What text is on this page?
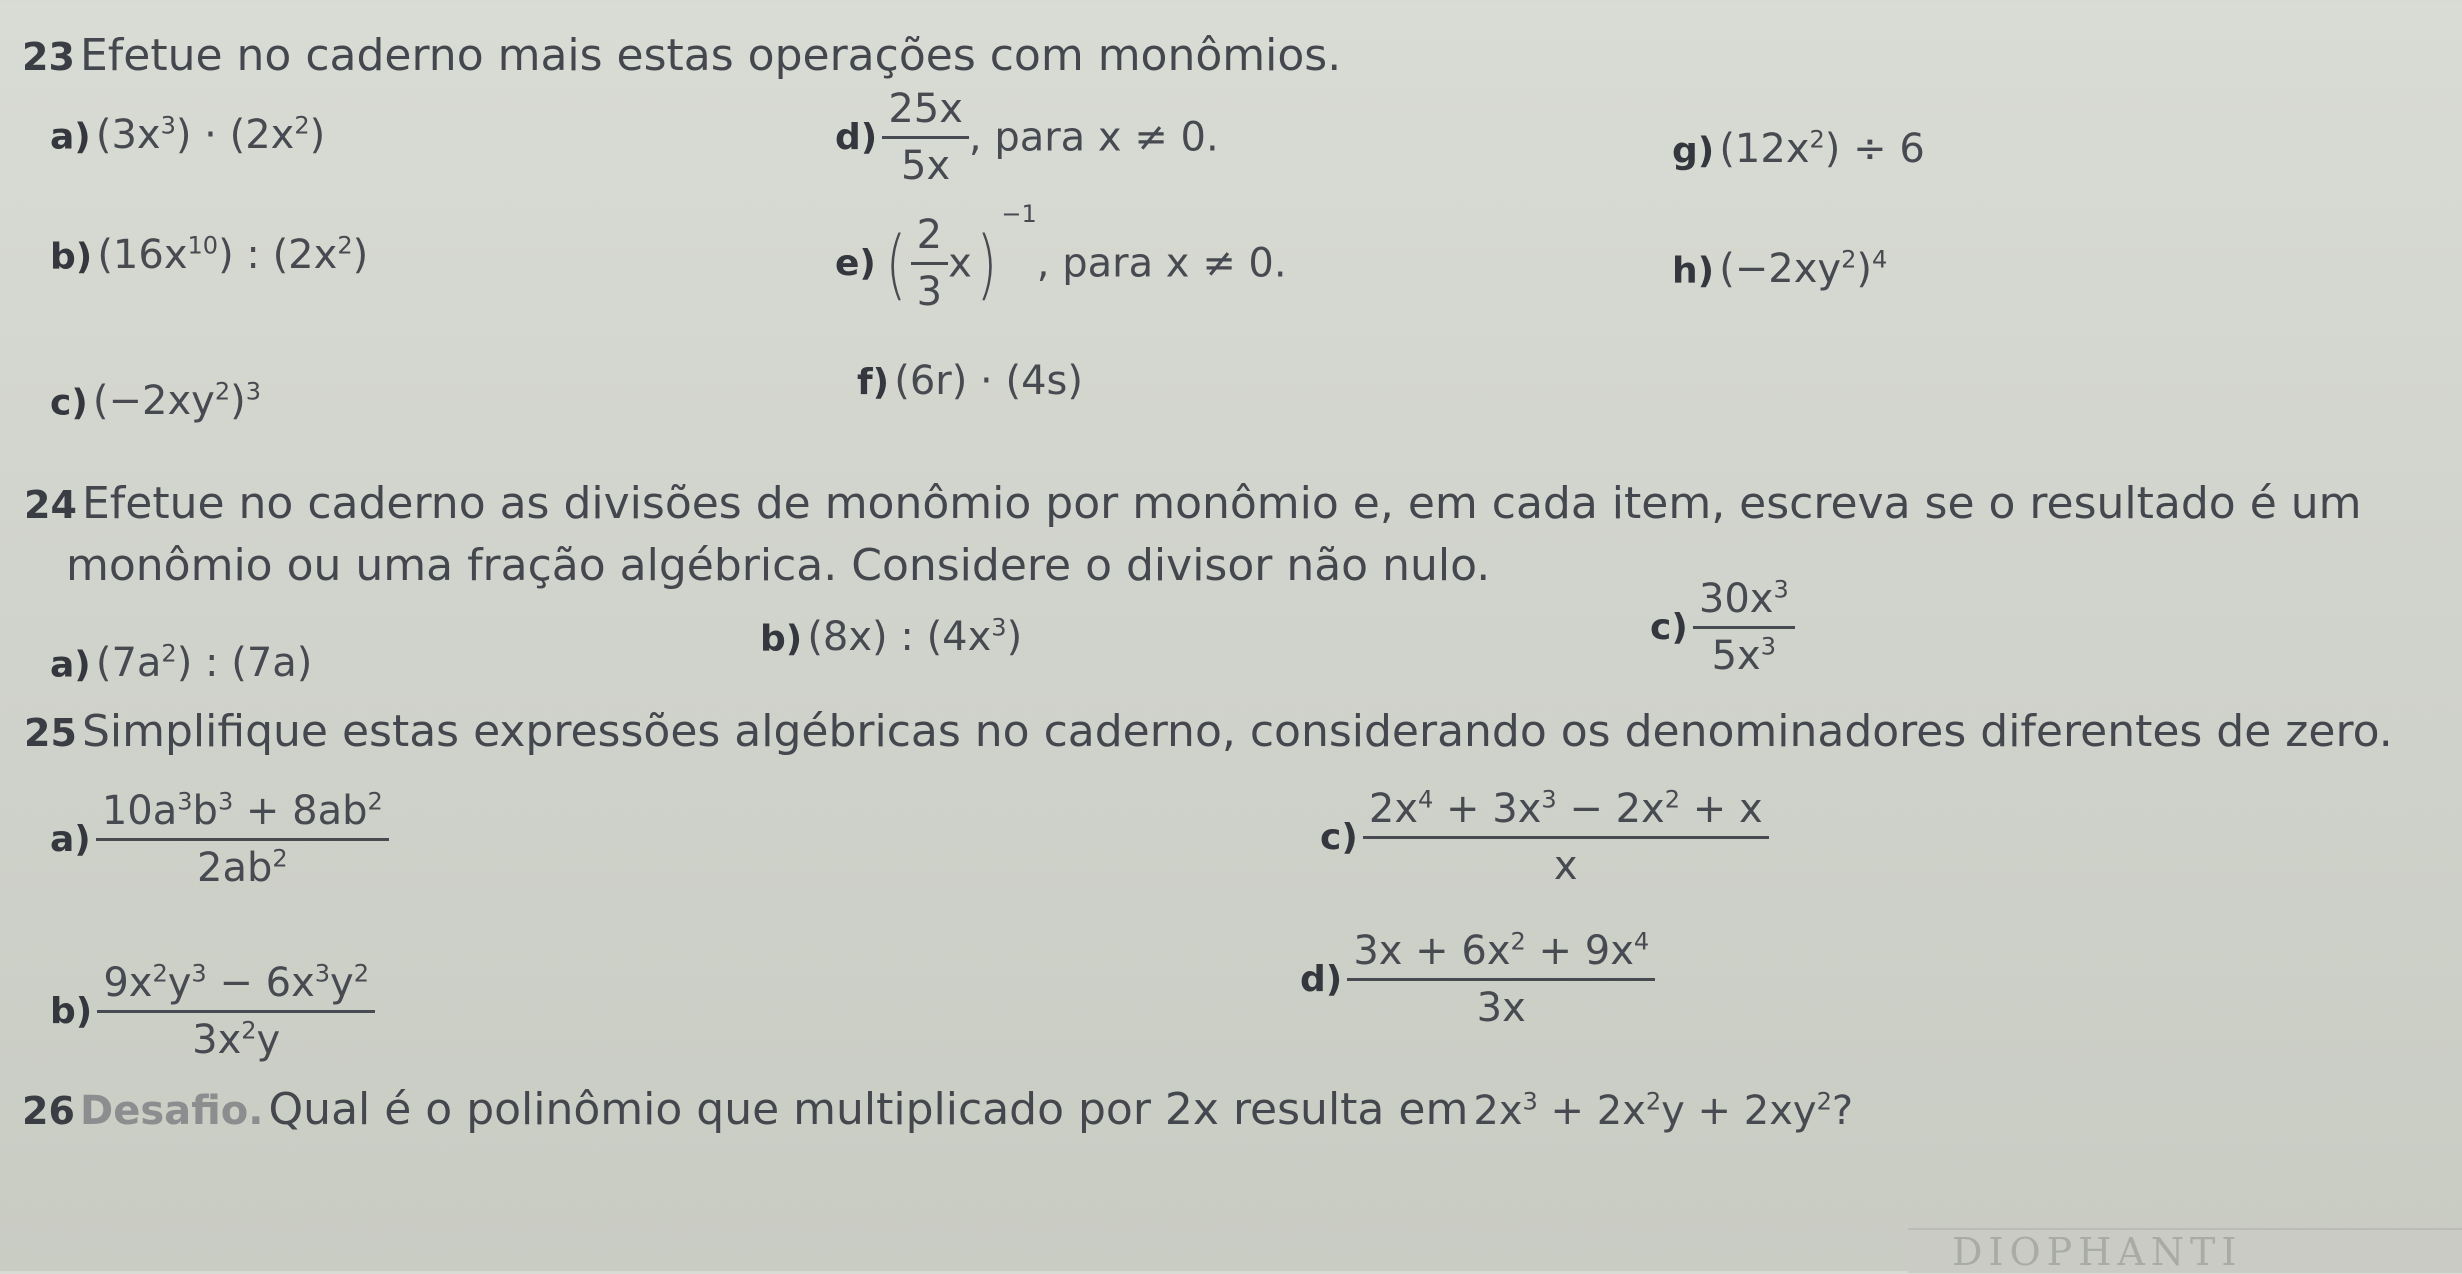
23 Efetue no caderno mais estas operações com monômios.
a) $(3x^3) \cdot (2x^2)$
b) $(16x^{10})$ : $(2x^2)$
c) $(-2xy^2)^3$
$d) \frac{25x}{5x}$ , para x ≠ 0.
e) ( $\frac{2}{3} x)^{-1}$, para x ≠ 0.
f) (6r) · (4s)
g) $(12x^2) \div 6$
h) $(-2xy^2)^4$
24 Efetue no caderno as divisões de monômio por monômio e, em cada item, escreva se o resultado é um
monômio ou uma fração algébrica. Considere o divisor não nulo.
a) $(7a^2)$ : (7a)
b) (8x) : $(4x^3)$	$c) \frac{30x^3}{5x^3}$
25 Simplifique estas expressões algébricas no caderno, considerando os denominadores diferentes de zero.
$a) \frac{10a^3b^3 + 8ab^2}{2ab^2}$
$b) \frac{9x^2y^3 - 6x^3y^2}{3x^2y}$
$c) \frac{2x^4 + 3x^3 - 2x^2 + x}{x}$
$d) \frac{3x + 6x^2 + 9x^4}{3x}$
26 Desafio. Qual é o polinômio que multiplicado por 2x resulta em $2x^3 + 2x^2y + 2xy^2$?
DIOPHANTI
